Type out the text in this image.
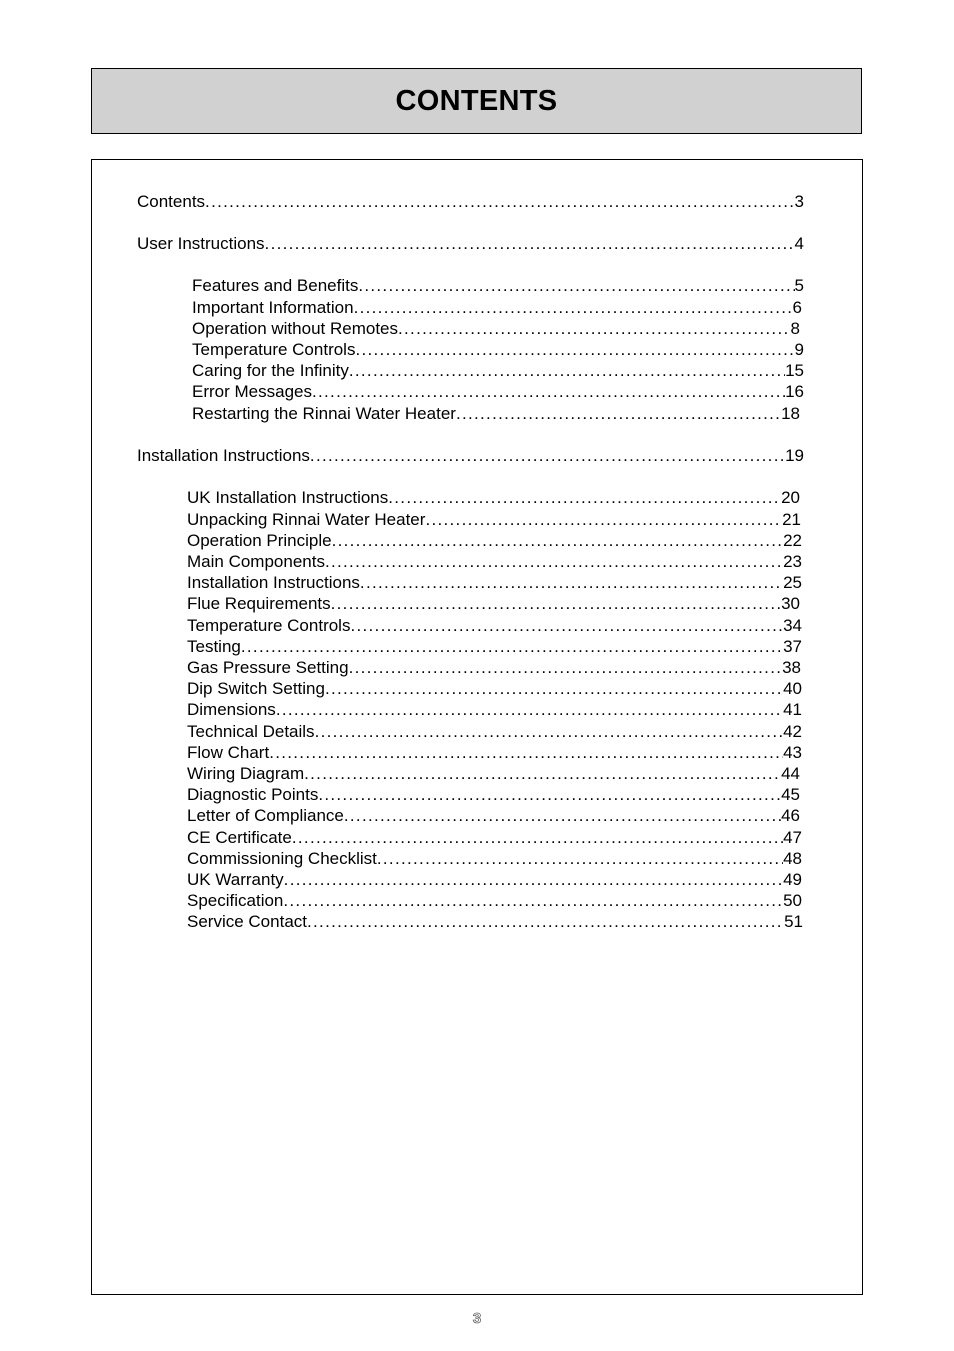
CONTENTS
Contents .....	3
User Instructions .....	4
Features and Benefits .....	5
Important Information .....	6
Operation without Remotes .....	8
Temperature Controls .....	9
Caring for the Infinity .....	15
Error Messages .....	16
Restarting the Rinnai Water Heater .....	18
Installation Instructions .....	19
UK Installation Instructions .....	20
Unpacking Rinnai Water Heater .....	21
Operation Principle .....	22
Main Components .....	23
Installation Instructions .....	25
Flue Requirements .....	30
Temperature Controls .....	34
Testing .....	37
Gas Pressure Setting .....	38
Dip Switch Setting .....	40
Dimensions .....	41
Technical Details .....	42
Flow Chart .....	43
Wiring Diagram .....	44
Diagnostic Points .....	45
Letter of Compliance .....	46
CE Certificate .....	47
Commissioning Checklist .....	48
UK Warranty .....	49
Specification .....	50
Service Contact .....	51
3
